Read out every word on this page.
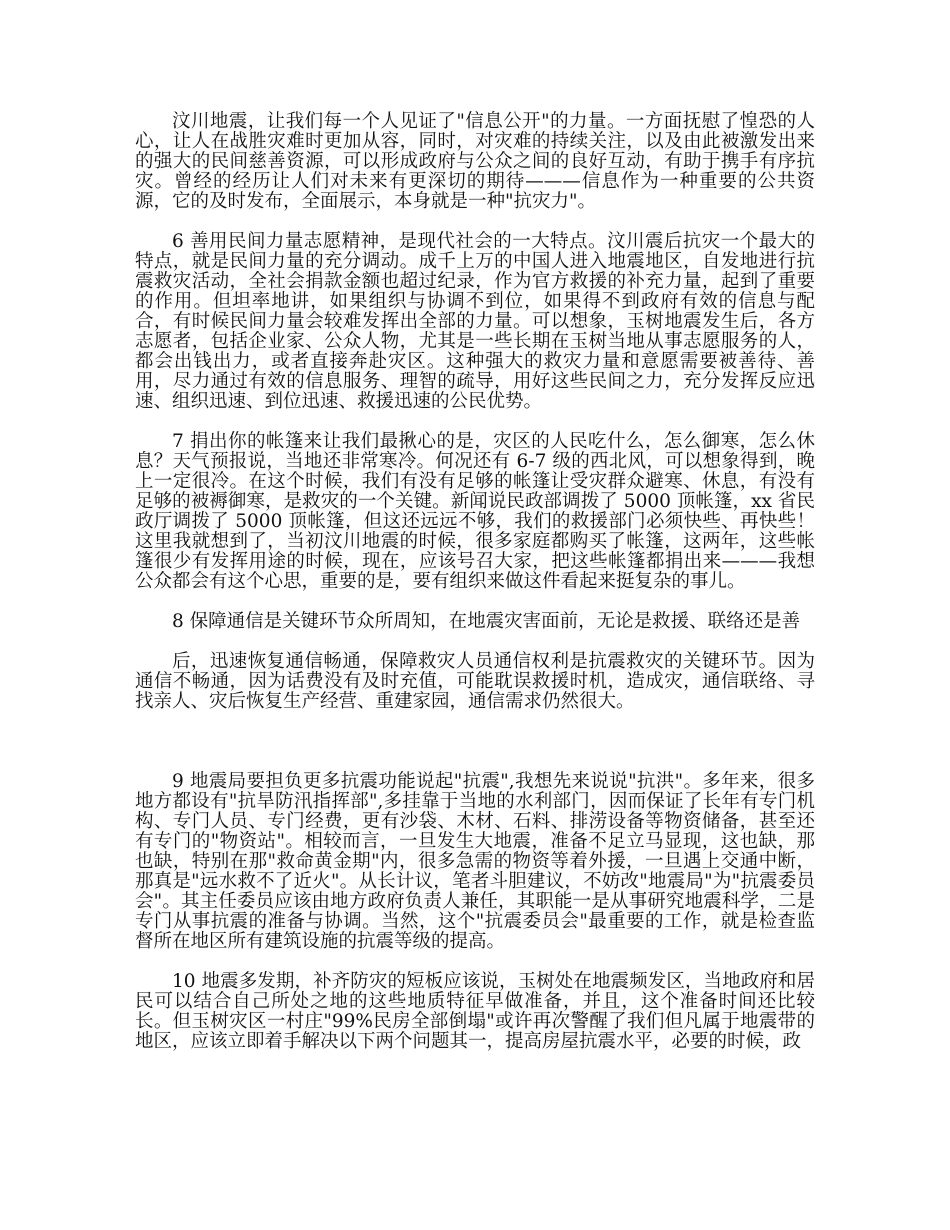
汶川地震，让我们每一个人见证了"信息公开"的力量。一方面抚慰了惶恐的人心，让人在战胜灾难时更加从容，同时，对灾难的持续关注，以及由此被激发出来的强大的民间慈善资源，可以形成政府与公众之间的良好互动，有助于携手有序抗灾。曾经的经历让人们对未来有更深切的期待———信息作为一种重要的公共资源，它的及时发布，全面展示，本身就是一种"抗灾力"。

6 善用民间力量志愿精神，是现代社会的一大特点。汶川震后抗灾一个最大的特点，就是民间力量的充分调动。成千上万的中国人进入地震地区，自发地进行抗震救灾活动，全社会捐款金额也超过纪录，作为官方救援的补充力量，起到了重要的作用。但坦率地讲，如果组织与协调不到位，如果得不到政府有效的信息与配合，有时候民间力量会较难发挥出全部的力量。可以想象，玉树地震发生后，各方志愿者，包括企业家、公众人物，尤其是一些长期在玉树当地从事志愿服务的人，都会出钱出力，或者直接奔赴灾区。这种强大的救灾力量和意愿需要被善待、善用，尽力通过有效的信息服务、理智的疏导，用好这些民间之力，充分发挥反应迅速、组织迅速、到位迅速、救援迅速的公民优势。

7 捐出你的帐篷来让我们最揪心的是，灾区的人民吃什么，怎么御寒，怎么休息？天气预报说，当地还非常寒冷。何况还有 6-7 级的西北风，可以想象得到，晚上一定很冷。在这个时候，我们有没有足够的帐篷让受灾群众避寒、休息，有没有足够的被褥御寒，是救灾的一个关键。新闻说民政部调拨了 5000 顶帐篷，xx 省民政厅调拨了 5000 顶帐篷，但这还远远不够，我们的救援部门必须快些、再快些！这里我就想到了，当初汶川地震的时候，很多家庭都购买了帐篷，这两年，这些帐篷很少有发挥用途的时候，现在，应该号召大家，把这些帐篷都捐出来———我想公众都会有这个心思，重要的是，要有组织来做这件看起来挺复杂的事儿。

8 保障通信是关键环节众所周知，在地震灾害面前，无论是救援、联络还是善

后，迅速恢复通信畅通，保障救灾人员通信权利是抗震救灾的关键环节。因为通信不畅通，因为话费没有及时充值，可能耽误救援时机，造成灾，通信联络、寻找亲人、灾后恢复生产经营、重建家园，通信需求仍然很大。

9 地震局要担负更多抗震功能说起"抗震",我想先来说说"抗洪"。多年来，很多地方都设有"抗旱防汛指挥部",多挂靠于当地的水利部门，因而保证了长年有专门机构、专门人员、专门经费，更有沙袋、木材、石料、排涝设备等物资储备，甚至还有专门的"物资站"。相较而言，一旦发生大地震，准备不足立马显现，这也缺，那也缺，特别在那"救命黄金期"内，很多急需的物资等着外援，一旦遇上交通中断，那真是"远水救不了近火"。从长计议，笔者斗胆建议，不妨改"地震局"为"抗震委员会"。其主任委员应该由地方政府负责人兼任，其职能一是从事研究地震科学，二是专门从事抗震的准备与协调。当然，这个"抗震委员会"最重要的工作，就是检查监督所在地区所有建筑设施的抗震等级的提高。

10 地震多发期，补齐防灾的短板应该说，玉树处在地震频发区，当地政府和居民可以结合自己所处之地的这些地质特征早做准备，并且，这个准备时间还比较长。但玉树灾区一村庄"99%民房全部倒塌"或许再次警醒了我们但凡属于地震带的地区，应该立即着手解决以下两个问题其一，提高房屋抗震水平，必要的时候，政
